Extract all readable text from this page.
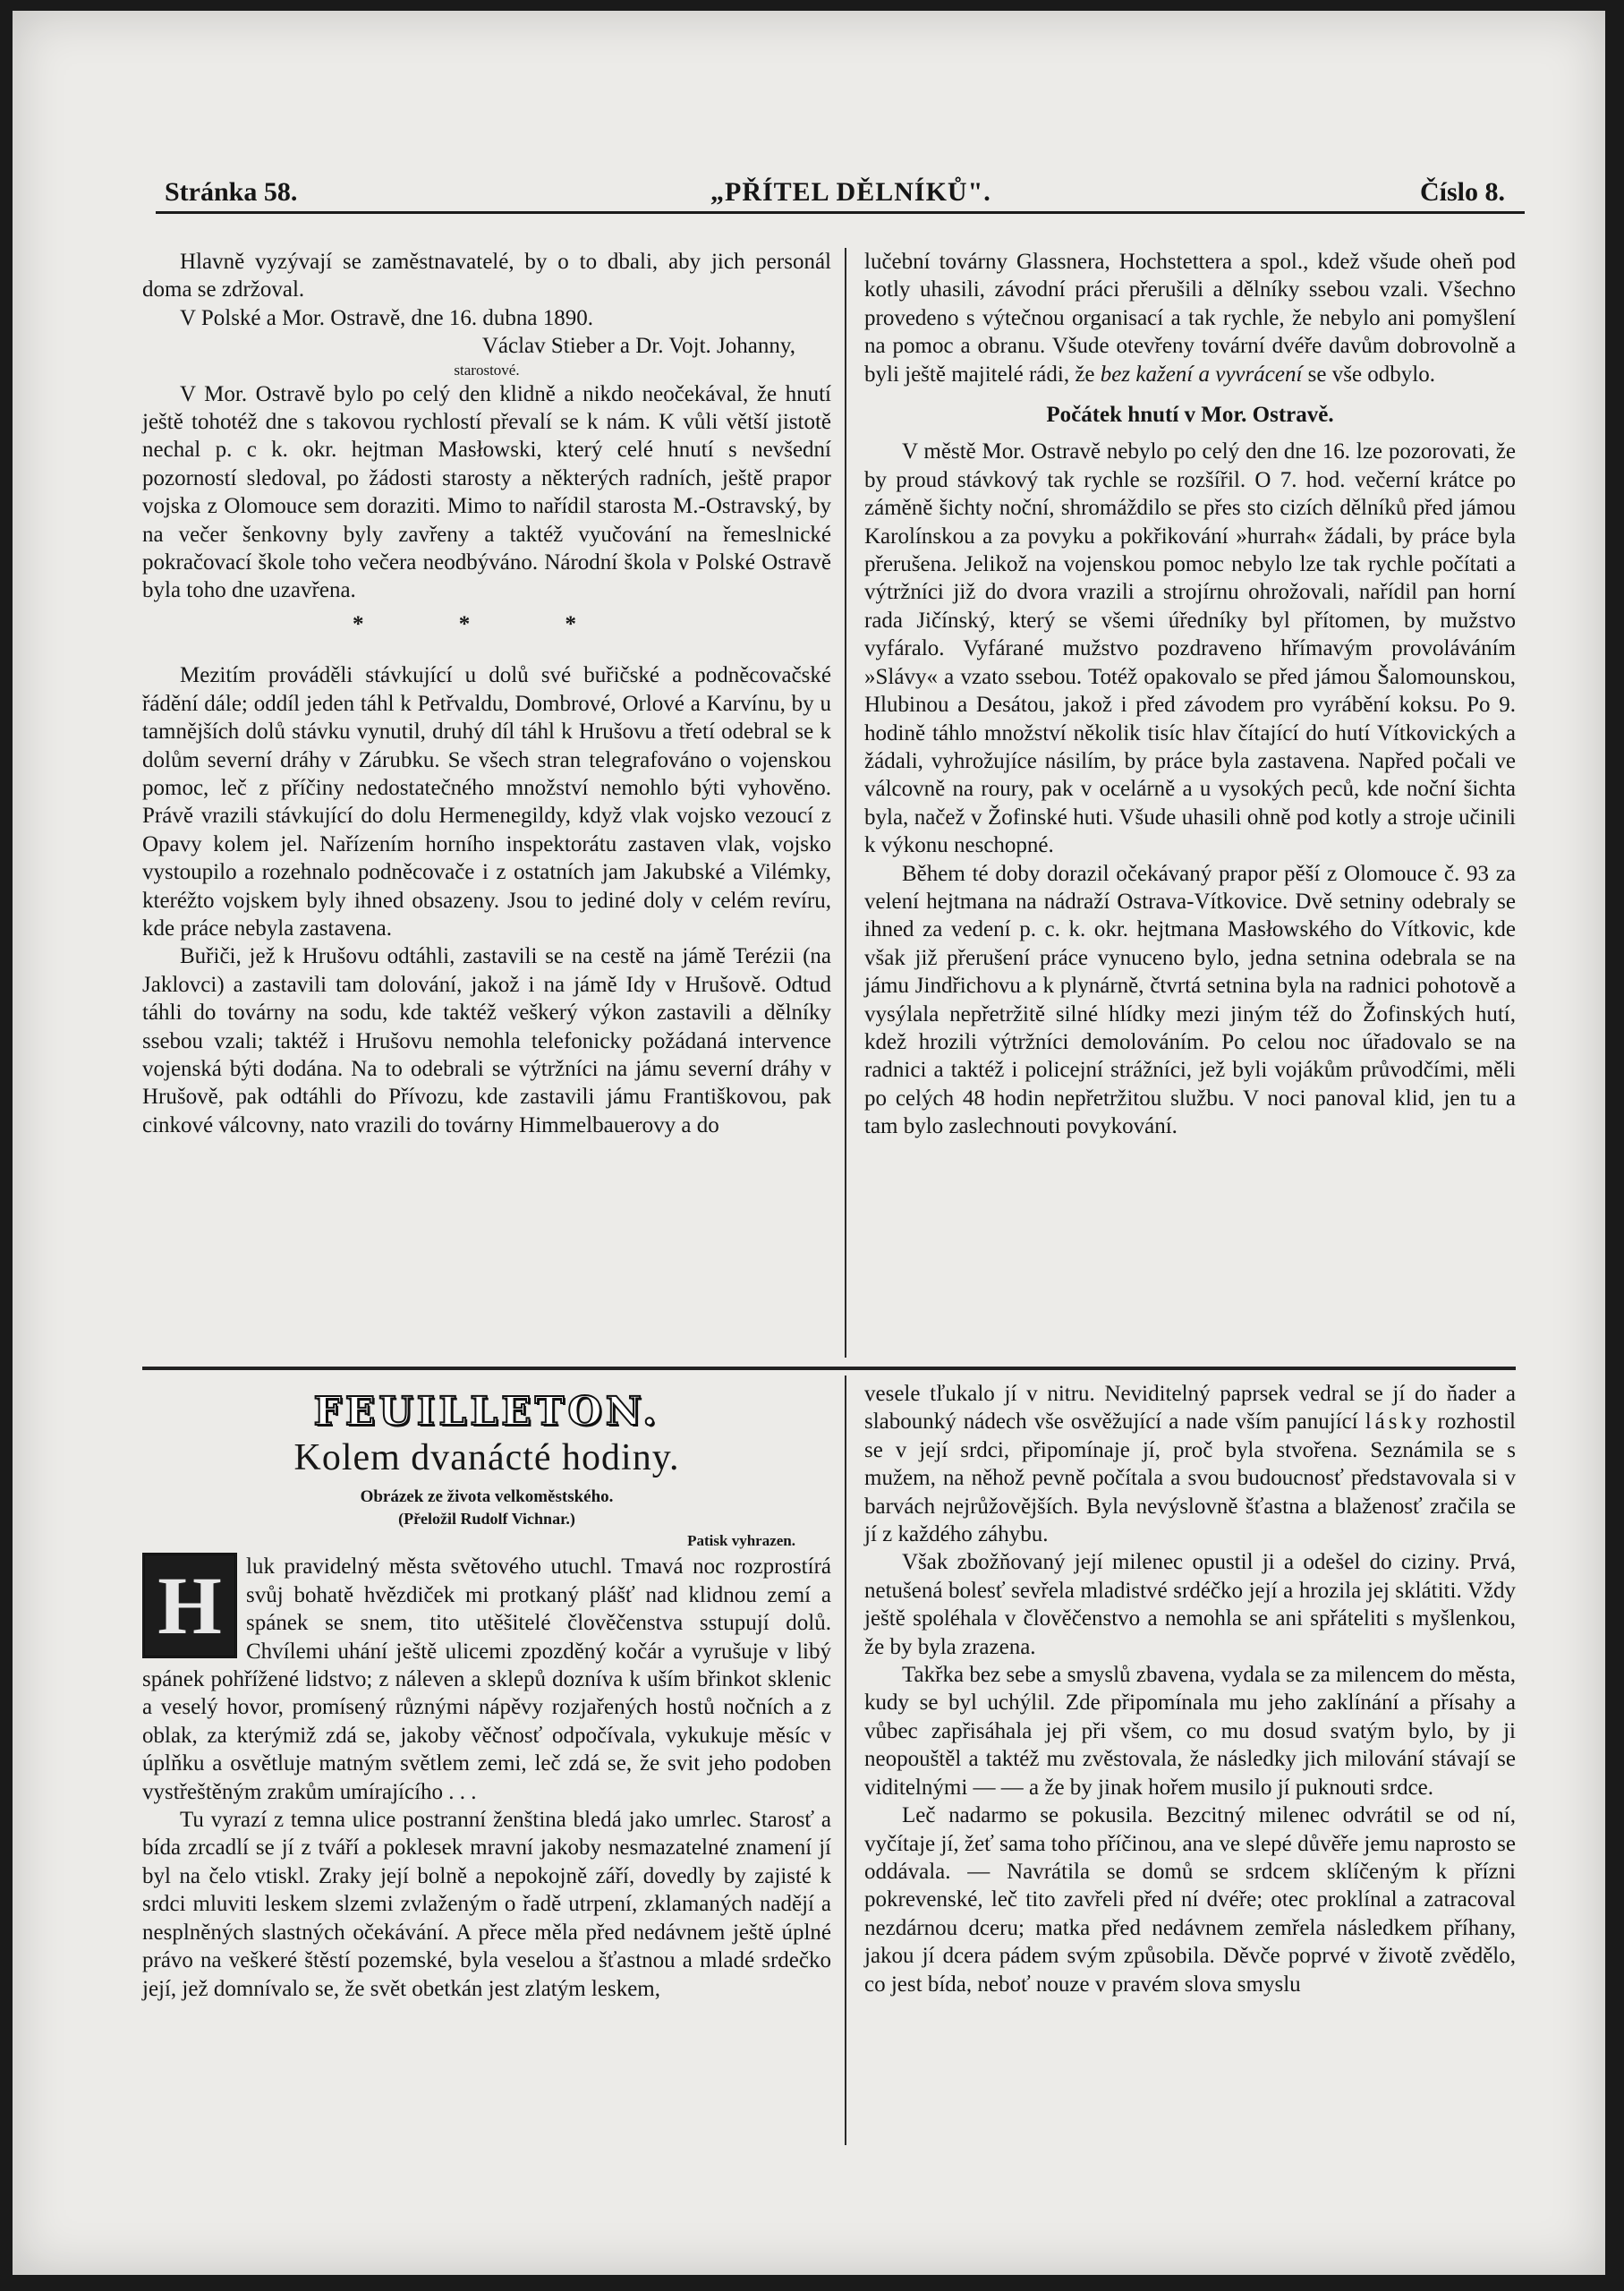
Stránka 58.	„PŘÍTEL DĚLNÍKŮ".	Číslo 8.

Hlavně vyzývají se zaměstnavatelé, by o to dbali, aby jich personál doma se zdržoval.

V Polské a Mor. Ostravě, dne 16. dubna 1890.

Václav Stieber a Dr. Vojt. Johanny,

starostové.

V Mor. Ostravě bylo po celý den klidně a nikdo neočekával, že hnutí ještě tohotéž dne s takovou rychlostí převalí se k nám. K vůli větší jistotě nechal p. c k. okr. hejtman Masłowski, který celé hnutí s nevšední pozorností sledoval, po žádosti starosty a některých radních, ještě prapor vojska z Olomouce sem doraziti. Mimo to nařídil starosta M.-Ostravský, by na večer šenkovny byly zavřeny a taktéž vyučování na řemeslnické pokračovací škole toho večera neodbýváno. Národní škola v Polské Ostravě byla toho dne uzavřena.

* * *

Mezitím prováděli stávkující u dolů své buřičské a podněcovačské řádění dále; oddíl jeden táhl k Petřvaldu, Dombrové, Orlové a Karvínu, by u tamnějších dolů stávku vynutil, druhý díl táhl k Hrušovu a třetí odebral se k dolům severní dráhy v Zárubku. Se všech stran telegrafováno o vojenskou pomoc, leč z příčiny nedostatečného množství nemohlo býti vyhověno. Právě vrazili stávkující do dolu Hermenegildy, když vlak vojsko vezoucí z Opavy kolem jel. Nařízením horního inspektorátu zastaven vlak, vojsko vystoupilo a rozehnalo podněcovače i z ostatních jam Jakubské a Vilémky, kteréžto vojskem byly ihned obsazeny. Jsou to jediné doly v celém revíru, kde práce nebyla zastavena.

Buřiči, jež k Hrušovu odtáhli, zastavili se na cestě na jámě Terézii (na Jaklovci) a zastavili tam dolování, jakož i na jámě Idy v Hrušově. Odtud táhli do továrny na sodu, kde taktéž veškerý výkon zastavili a dělníky ssebou vzali; taktéž i Hrušovu nemohla telefonicky požádaná intervence vojenská býti dodána. Na to odebrali se výtržníci na jámu severní dráhy v Hrušově, pak odtáhli do Přívozu, kde zastavili jámu Františkovou, pak cinkové válcovny, nato vrazili do továrny Himmelbauerovy a do

lučební továrny Glassnera, Hochstettera a spol., kdež všude oheň pod kotly uhasili, závodní práci přerušili a dělníky ssebou vzali. Všechno provedeno s výtečnou organisací a tak rychle, že nebylo ani pomyšlení na pomoc a obranu. Všude otevřeny tovární dvéře davům dobrovolně a byli ještě majitelé rádi, že bez kažení a vyvrácení se vše odbylo.

Počátek hnutí v Mor. Ostravě.

V městě Mor. Ostravě nebylo po celý den dne 16. lze pozorovati, že by proud stávkový tak rychle se rozšířil. O 7. hod. večerní krátce po záměně šichty noční, shromáždilo se přes sto cizích dělníků před jámou Karolínskou a za povyku a pokřikování »hurrah« žádali, by práce byla přerušena. Jelikož na vojenskou pomoc nebylo lze tak rychle počítati a výtržníci již do dvora vrazili a strojírnu ohrožovali, nařídil pan horní rada Jičínský, který se všemi úředníky byl přítomen, by mužstvo vyfáralo. Vyfárané mužstvo pozdraveno hřímavým provoláváním »Slávy« a vzato ssebou. Totéž opakovalo se před jámou Šalomounskou, Hlubinou a Desátou, jakož i před závodem pro vyrábění koksu. Po 9. hodině táhlo množství několik tisíc hlav čítající do hutí Vítkovických a žádali, vyhrožujíce násilím, by práce byla zastavena. Napřed počali ve válcovně na roury, pak v ocelárně a u vysokých peců, kde noční šichta byla, načež v Žofinské huti. Všude uhasili ohně pod kotly a stroje učinili k výkonu neschopné.

Během té doby dorazil očekávaný prapor pěší z Olomouce č. 93 za velení hejtmana na nádraží Ostrava-Vítkovice. Dvě setniny odebraly se ihned za vedení p. c. k. okr. hejtmana Masłowského do Vítkovic, kde však již přerušení práce vynuceno bylo, jedna setnina odebrala se na jámu Jindřichovu a k plynárně, čtvrtá setnina byla na radnici pohotově a vysýlala nepřetržitě silné hlídky mezi jiným též do Žofinských hutí, kdež hrozili výtržníci demolováním. Po celou noc úřadovalo se na radnici a taktéž i policejní strážníci, jež byli vojákům průvodčími, měli po celých 48 hodin nepřetržitou službu. V noci panoval klid, jen tu a tam bylo zaslechnouti povykování.

FEUILLETON.
Kolem dvanácté hodiny.
Obrázek ze života velkoměstského.
(Přeložil Rudolf Vichnar.)
Patisk vyhrazen.

H	luk pravidelný města světového utuchl. Tmavá noc rozprostírá svůj bohatě hvězdiček mi protkaný plášť nad klidnou zemí a spánek se snem, tito utěšitelé člověčenstva sstupují dolů. Chvílemi uhání ještě ulicemi zpozděný kočár a vyrušuje v libý spánek pohřížené lidstvo; z náleven a sklepů dozníva k uším břinkot sklenic a veselý hovor, promísený různými nápěvy rozjařených hostů nočních a z oblak, za kterýmiž zdá se, jakoby věčnosť odpočívala, vykukuje měsíc v úplňku a osvětluje matným světlem zemi, leč zdá se, že svit jeho podoben vystřeštěným zrakům umírajícího . . .

Tu vyrazí z temna ulice postranní ženština bledá jako umrlec. Starosť a bída zrcadlí se jí z tváří a poklesek mravní jakoby nesmazatelné znamení jí byl na čelo vtiskl. Zraky její bolně a nepokojně září, dovedly by zajisté k srdci mluviti leskem slzemi zvlaženým o řadě utrpení, zklamaných nadějí a nesplněných slastných očekávání. A přece měla před nedávnem ještě úplné právo na veškeré štěstí pozemské, byla veselou a šťastnou a mladé srdečko její, jež domnívalo se, že svět obetkán jest zlatým leskem,

vesele tľukalo jí v nitru. Neviditelný paprsek vedral se jí do ňader a slabounký nádech vše osvěžující a nade vším panující lásky rozhostil se v její srdci, připomínaje jí, proč byla stvořena. Seznámila se s mužem, na něhož pevně počítala a svou budoucnosť představovala si v barvách nejrůžovějších. Byla nevýslovně šťastna a blaženosť zračila se jí z každého záhybu.

Však zbožňovaný její milenec opustil ji a odešel do ciziny. Prvá, netušená bolesť sevřela mladistvé srdéčko její a hrozila jej sklátiti. Vždy ještě spoléhala v člověčenstvo a nemohla se ani spřáteliti s myšlenkou, že by byla zrazena.

Takřka bez sebe a smyslů zbavena, vydala se za milencem do města, kudy se byl uchýlil. Zde připomínala mu jeho zaklínání a přísahy a vůbec zapřisáhala jej při všem, co mu dosud svatým bylo, by ji neopouštěl a taktéž mu zvěstovala, že následky jich milování stávají se viditelnými — — a že by jinak hořem musilo jí puknouti srdce.

Leč nadarmo se pokusila. Bezcitný milenec odvrátil se od ní, vyčítaje jí, žeť sama toho příčinou, ana ve slepé důvěře jemu naprosto se oddávala. — Navrátila se domů se srdcem sklíčeným k přízni pokrevenské, leč tito zavřeli před ní dvéře; otec proklínal a zatracoval nezdárnou dceru; matka před nedávnem zemřela následkem příhany, jakou jí dcera pádem svým způsobila. Děvče poprvé v životě zvědělo, co jest bída, neboť nouze v pravém slova smyslu
